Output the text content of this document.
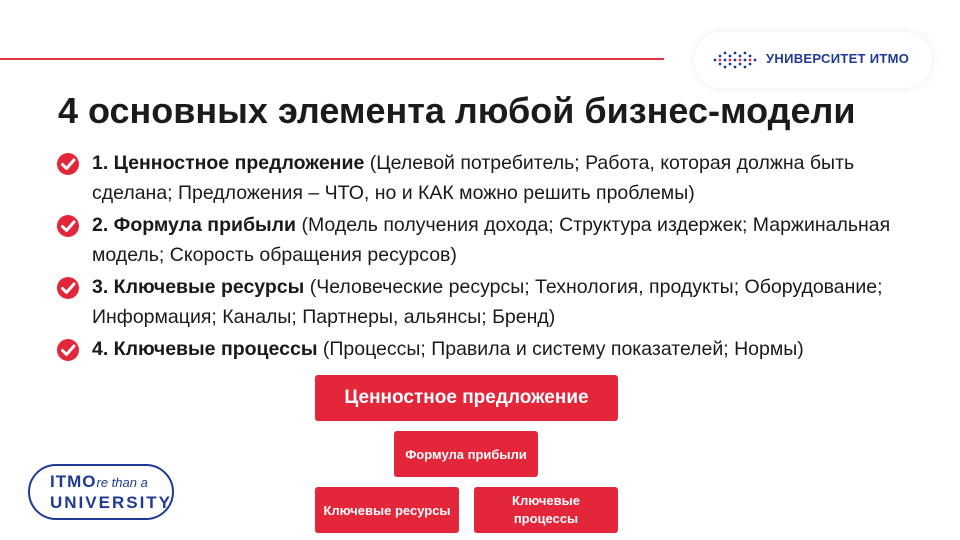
УНИВЕРСИТЕТ ИТМО
4 основных элемента любой бизнес-модели
1. Ценностное предложение (Целевой потребитель; Работа, которая должна быть сделана; Предложения – ЧТО, но и КАК можно решить проблемы)
2. Формула прибыли (Модель получения дохода; Структура издержек; Маржинальная модель; Скорость обращения ресурсов)
3. Ключевые ресурсы (Человеческие ресурсы; Технология, продукты; Оборудование; Информация; Каналы; Партнеры, альянсы; Бренд)
4. Ключевые процессы (Процессы; Правила и систему показателей; Нормы)
Ценностное предложение
Формула прибыли
Ключевые ресурсы
Ключевые процессы
ITMOre than a
UNIVERSITY
